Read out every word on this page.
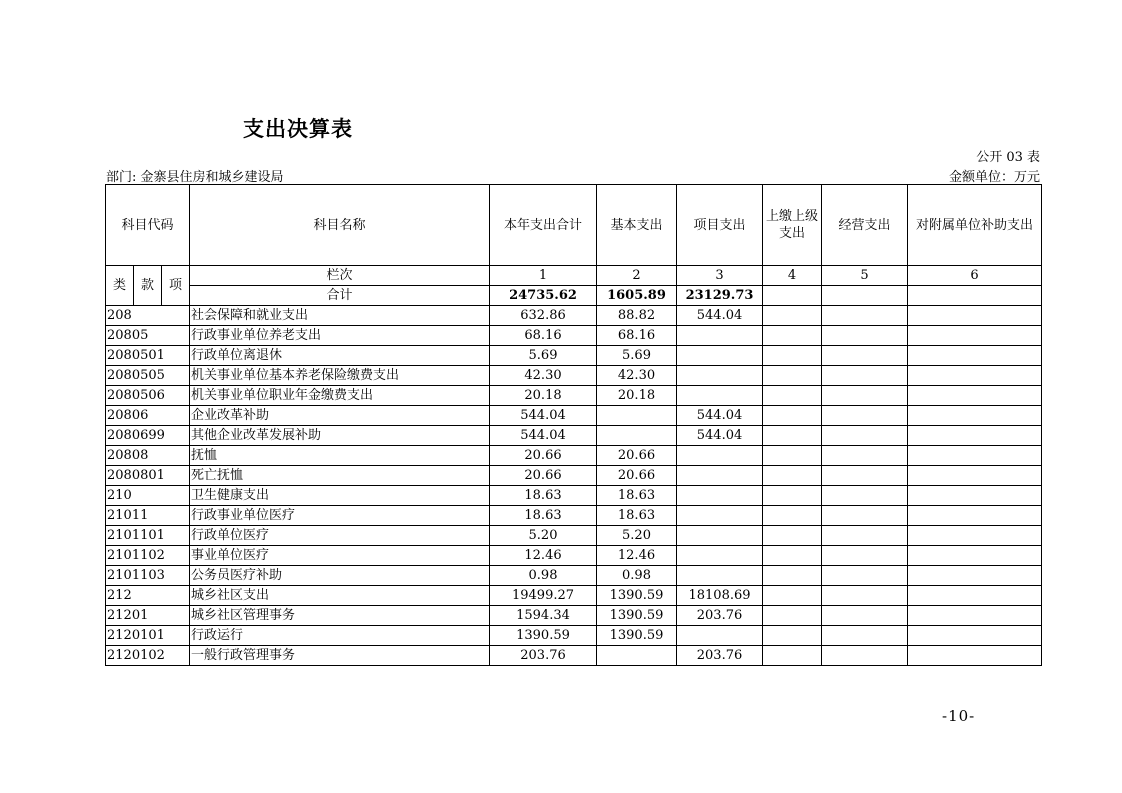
支出决算表
公开 03 表
部门: 金寨县住房和城乡建设局	金额单位：万元
科目代码			科目名称	本年支出合计	基本支出	项目支出	上缴上级支出	经营支出	对附属单位补助支出
类	款	项	栏次	1	2	3	4	5	6
			合计	24735.62	1605.89	23129.73			
208			社会保障和就业支出	632.86	88.82	544.04			
20805			行政事业单位养老支出	68.16	68.16				
2080501			行政单位离退休	5.69	5.69				
2080505			机关事业单位基本养老保险缴费支出	42.30	42.30				
2080506			机关事业单位职业年金缴费支出	20.18	20.18				
20806			企业改革补助	544.04		544.04			
2080699			其他企业改革发展补助	544.04		544.04			
20808			抚恤	20.66	20.66				
2080801			死亡抚恤	20.66	20.66				
210			卫生健康支出	18.63	18.63				
21011			行政事业单位医疗	18.63	18.63				
2101101			行政单位医疗	5.20	5.20				
2101102			事业单位医疗	12.46	12.46				
2101103			公务员医疗补助	0.98	0.98				
212			城乡社区支出	19499.27	1390.59	18108.69			
21201			城乡社区管理事务	1594.34	1390.59	203.76			
2120101			行政运行	1390.59	1390.59				
2120102			一般行政管理事务	203.76		203.76			
-10-
